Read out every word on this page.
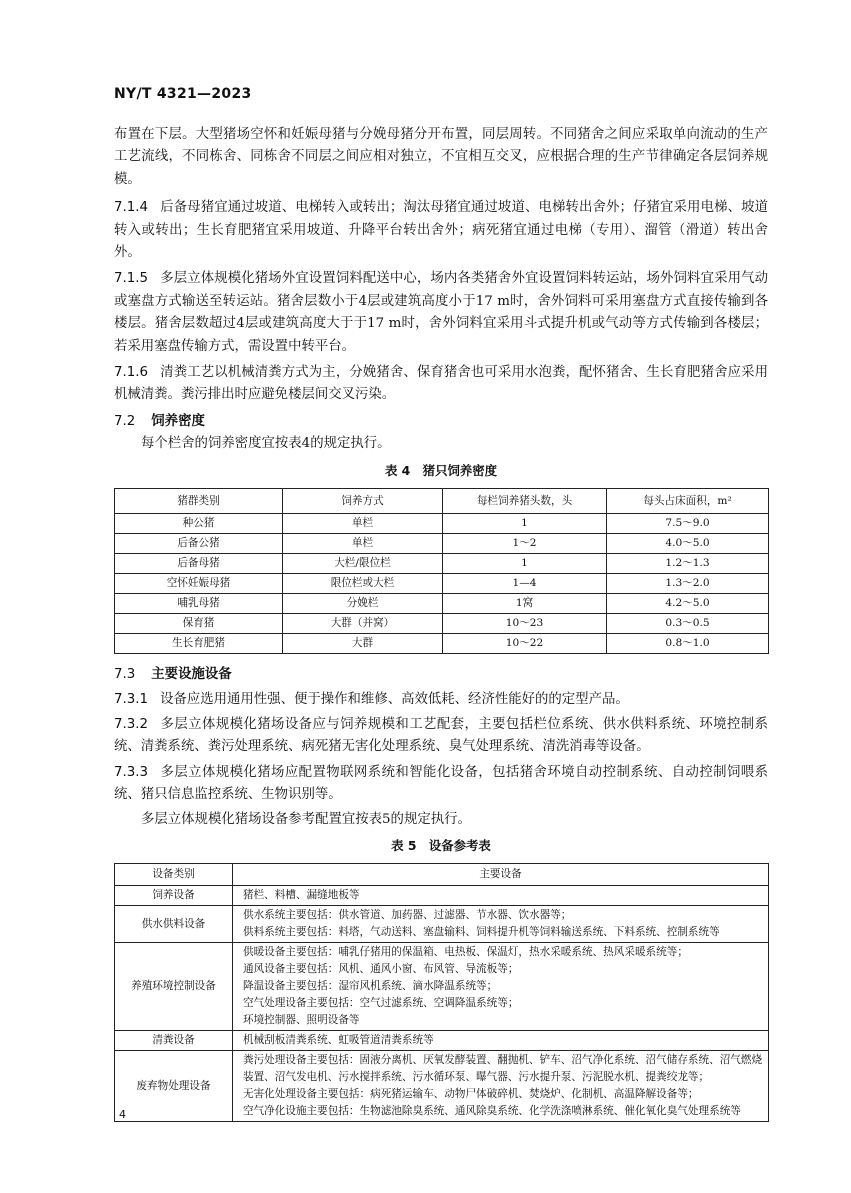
NY/T 4321—2023

布置在下层。大型猪场空怀和妊娠母猪与分娩母猪分开布置，同层周转。不同猪舍之间应采取单向流动的生产工艺流线，不同栋舍、同栋舍不同层之间应相对独立，不宜相互交叉，应根据合理的生产节律确定各层饲养规模。

7.1.4 后备母猪宜通过坡道、电梯转入或转出；淘汰母猪宜通过坡道、电梯转出舍外；仔猪宜采用电梯、坡道转入或转出；生长育肥猪宜采用坡道、升降平台转出舍外；病死猪宜通过电梯（专用）、溜管（滑道）转出舍外。

7.1.5 多层立体规模化猪场外宜设置饲料配送中心，场内各类猪舍外宜设置饲料转运站，场外饲料宜采用气动或塞盘方式输送至转运站。猪舍层数小于4层或建筑高度小于17 m时，舍外饲料可采用塞盘方式直接传输到各楼层。猪舍层数超过4层或建筑高度大于于17 m时，舍外饲料宜采用斗式提升机或气动等方式传输到各楼层；若采用塞盘传输方式，需设置中转平台。

7.1.6 清粪工艺以机械清粪方式为主，分娩猪舍、保育猪舍也可采用水泡粪，配怀猪舍、生长育肥猪舍应采用机械清粪。粪污排出时应避免楼层间交叉污染。

7.2 饲养密度

每个栏舍的饲养密度宜按表4的规定执行。

表 4　猪只饲养密度
猪群类别	饲养方式	每栏饲养猪头数，头	每头占床面积，m²
种公猪	单栏	1	7.5～9.0
后备公猪	单栏	1～2	4.0～5.0
后备母猪	大栏/限位栏	1	1.2～1.3
空怀妊娠母猪	限位栏或大栏	1—4	1.3～2.0
哺乳母猪	分娩栏	1窝	4.2～5.0
保育猪	大群（并窝）	10～23	0.3～0.5
生长育肥猪	大群	10～22	0.8～1.0

7.3 主要设施设备

7.3.1 设备应选用通用性强、便于操作和维修、高效低耗、经济性能好的的定型产品。

7.3.2 多层立体规模化猪场设备应与饲养规模和工艺配套，主要包括栏位系统、供水供料系统、环境控制系统、清粪系统、粪污处理系统、病死猪无害化处理系统、臭气处理系统、清洗消毒等设备。

7.3.3 多层立体规模化猪场应配置物联网系统和智能化设备，包括猪舍环境自动控制系统、自动控制饲喂系统、猪只信息监控系统、生物识别等。

多层立体规模化猪场设备参考配置宜按表5的规定执行。

表 5　设备参考表
设备类别	主要设备
饲养设备	猪栏、料槽、漏缝地板等

供水供料设备	供水系统主要包括：供水管道、加药器、过滤器、节水器、饮水器等；
供料系统主要包括：料塔，气动送料、塞盘输料、饲料提升机等饲料输送系统、下料系统、控制系统等

养殖环境控制设备	供暖设备主要包括：哺乳仔猪用的保温箱、电热板、保温灯，热水采暖系统、热风采暖系统等；
通风设备主要包括：风机、通风小窗、布风管、导流板等；
降温设备主要包括：湿帘风机系统、滴水降温系统等；
空气处理设备主要包括：空气过滤系统、空调降温系统等；
环境控制器、照明设备等

清粪设备	机械刮板清粪系统、虹吸管道清粪系统等

废弃物处理设备	粪污处理设备主要包括：固液分离机、厌氧发酵装置、翻抛机、铲车、沼气净化系统、沼气储存系统、沼气燃烧装置、沼气发电机、污水搅拌系统、污水循环泵、曝气器、污水提升泵、污泥脱水机、提粪绞龙等；
无害化处理设备主要包括：病死猪运输车、动物尸体破碎机、焚烧炉、化制机、高温降解设备等；
空气净化设施主要包括：生物滤池除臭系统、通风除臭系统、化学洗涤喷淋系统、催化氧化臭气处理系统等
4
